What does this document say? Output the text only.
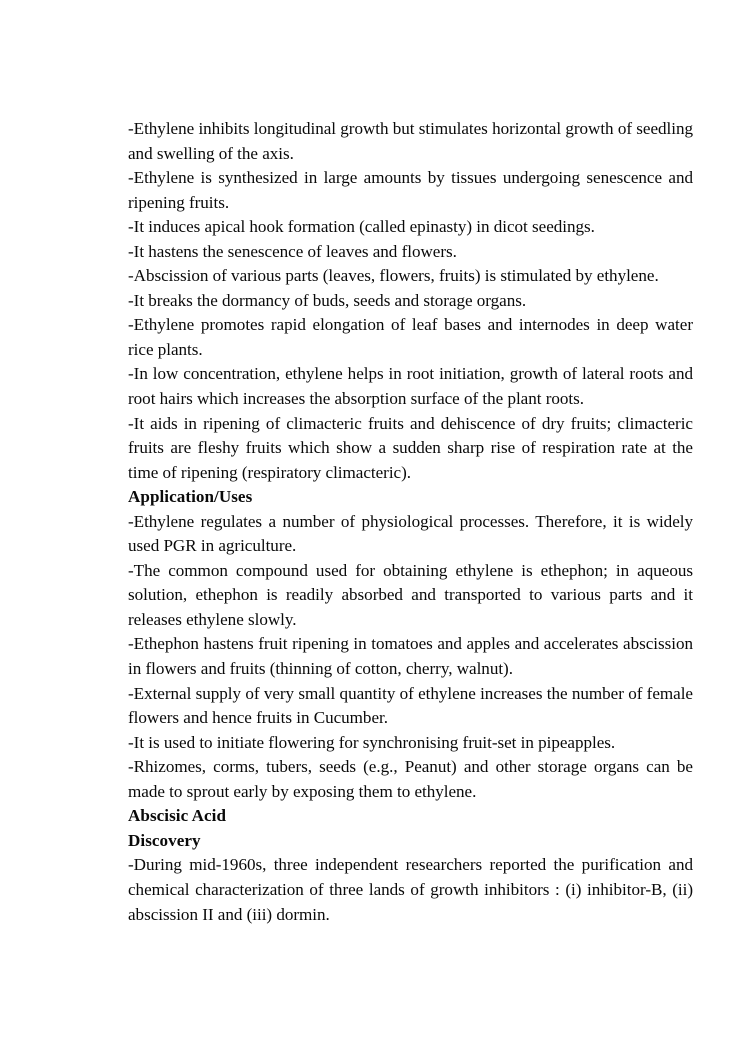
-Ethylene inhibits longitudinal growth but stimulates horizontal growth of seedling and swelling of the axis.

-Ethylene is synthesized in large amounts by tissues undergoing senescence and ripening fruits.

-It induces apical hook formation (called epinasty) in dicot seedings.

-It hastens the senescence of leaves and flowers.

-Abscission of various parts (leaves, flowers, fruits) is stimulated by ethylene.

-It breaks the dormancy of buds, seeds and storage organs.

-Ethylene promotes rapid elongation of leaf bases and internodes in deep water rice plants.

-In low concentration, ethylene helps in root initiation, growth of lateral roots and root hairs which increases the absorption surface of the plant roots.

-It aids in ripening of climacteric fruits and dehiscence of dry fruits; climacteric fruits are fleshy fruits which show a sudden sharp rise of respiration rate at the time of ripening (respiratory climacteric).

Application/Uses

-Ethylene regulates a number of physiological processes. Therefore, it is widely used PGR in agriculture.

-The common compound used for obtaining ethylene is ethephon; in aqueous solution, ethephon is readily absorbed and transported to various parts and it releases ethylene slowly.

-Ethephon hastens fruit ripening in tomatoes and apples and accelerates abscission in flowers and fruits (thinning of cotton, cherry, walnut).

-External supply of very small quantity of ethylene increases the number of female flowers and hence fruits in Cucumber.

-It is used to initiate flowering for synchronising fruit-set in pipeapples.

-Rhizomes, corms, tubers, seeds (e.g., Peanut) and other storage organs can be made to sprout early by exposing them to ethylene.

Abscisic Acid

Discovery

-During mid-1960s, three independent researchers reported the purification and chemical characterization of three lands of growth inhibitors : (i) inhibitor-B, (ii) abscission II and (iii) dormin.
